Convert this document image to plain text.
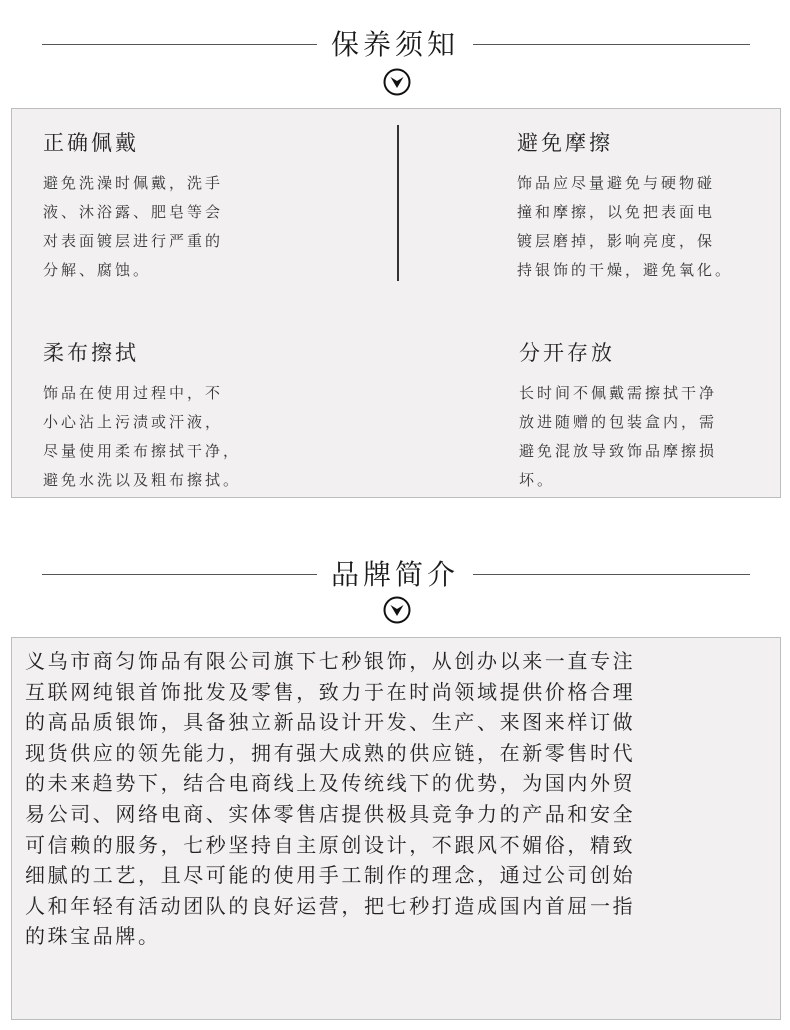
保养须知
正确佩戴
避免洗澡时佩戴，洗手
液、沐浴露、肥皂等会
对表面镀层进行严重的
分解、腐蚀。
避免摩擦
饰品应尽量避免与硬物碰
撞和摩擦，以免把表面电
镀层磨掉，影响亮度，保
持银饰的干燥，避免氧化。
柔布擦拭
饰品在使用过程中，不
小心沾上污渍或汗液，
尽量使用柔布擦拭干净，
避免水洗以及粗布擦拭。
分开存放
长时间不佩戴需擦拭干净
放进随赠的包装盒内，需
避免混放导致饰品摩擦损
坏。
品牌简介
义乌市商匀饰品有限公司旗下七秒银饰，从创办以来一直专注
互联网纯银首饰批发及零售，致力于在时尚领域提供价格合理
的高品质银饰，具备独立新品设计开发、生产、来图来样订做
现货供应的领先能力，拥有强大成熟的供应链，在新零售时代
的未来趋势下，结合电商线上及传统线下的优势，为国内外贸
易公司、网络电商、实体零售店提供极具竞争力的产品和安全
可信赖的服务，七秒坚持自主原创设计，不跟风不媚俗，精致
细腻的工艺，且尽可能的使用手工制作的理念，通过公司创始
人和年轻有活动团队的良好运营，把七秒打造成国内首屈一指
的珠宝品牌。
